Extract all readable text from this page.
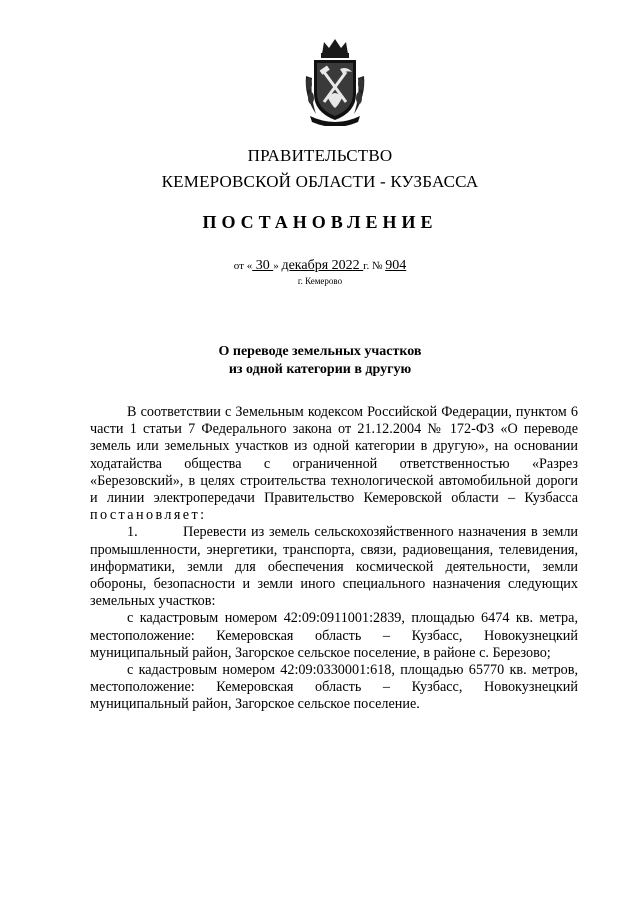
ПРАВИТЕЛЬСТВО
КЕМЕРОВСКОЙ ОБЛАСТИ - КУЗБАССА
ПОСТАНОВЛЕНИЕ
от « 30 » декабря 2022 г. № 904
г. Кемерово
О переводе земельных участков
из одной категории в другую

В соответствии с Земельным кодексом Российской Федерации, пунктом 6 части 1 статьи 7 Федерального закона от 21.12.2004 № 172-ФЗ «О переводе земель или земельных участков из одной категории в другую», на основании ходатайства общества с ограниченной ответственностью «Разрез «Березовский», в целях строительства технологической автомобильной дороги и линии электропередачи Правительство Кемеровской области – Кузбасса постановляет:

1.	Перевести из земель сельскохозяйственного назначения в земли промышленности, энергетики, транспорта, связи, радиовещания, телевидения, информатики, земли для обеспечения космической деятельности, земли обороны, безопасности и земли иного специального назначения следующих земельных участков:

с кадастровым номером 42:09:0911001:2839, площадью 6474 кв. метра, местоположение: Кемеровская область – Кузбасс, Новокузнецкий муниципальный район, Загорское сельское поселение, в районе с. Березово;

с кадастровым номером 42:09:0330001:618, площадью 65770 кв. метров, местоположение: Кемеровская область – Кузбасс, Новокузнецкий муниципальный район, Загорское сельское поселение.
